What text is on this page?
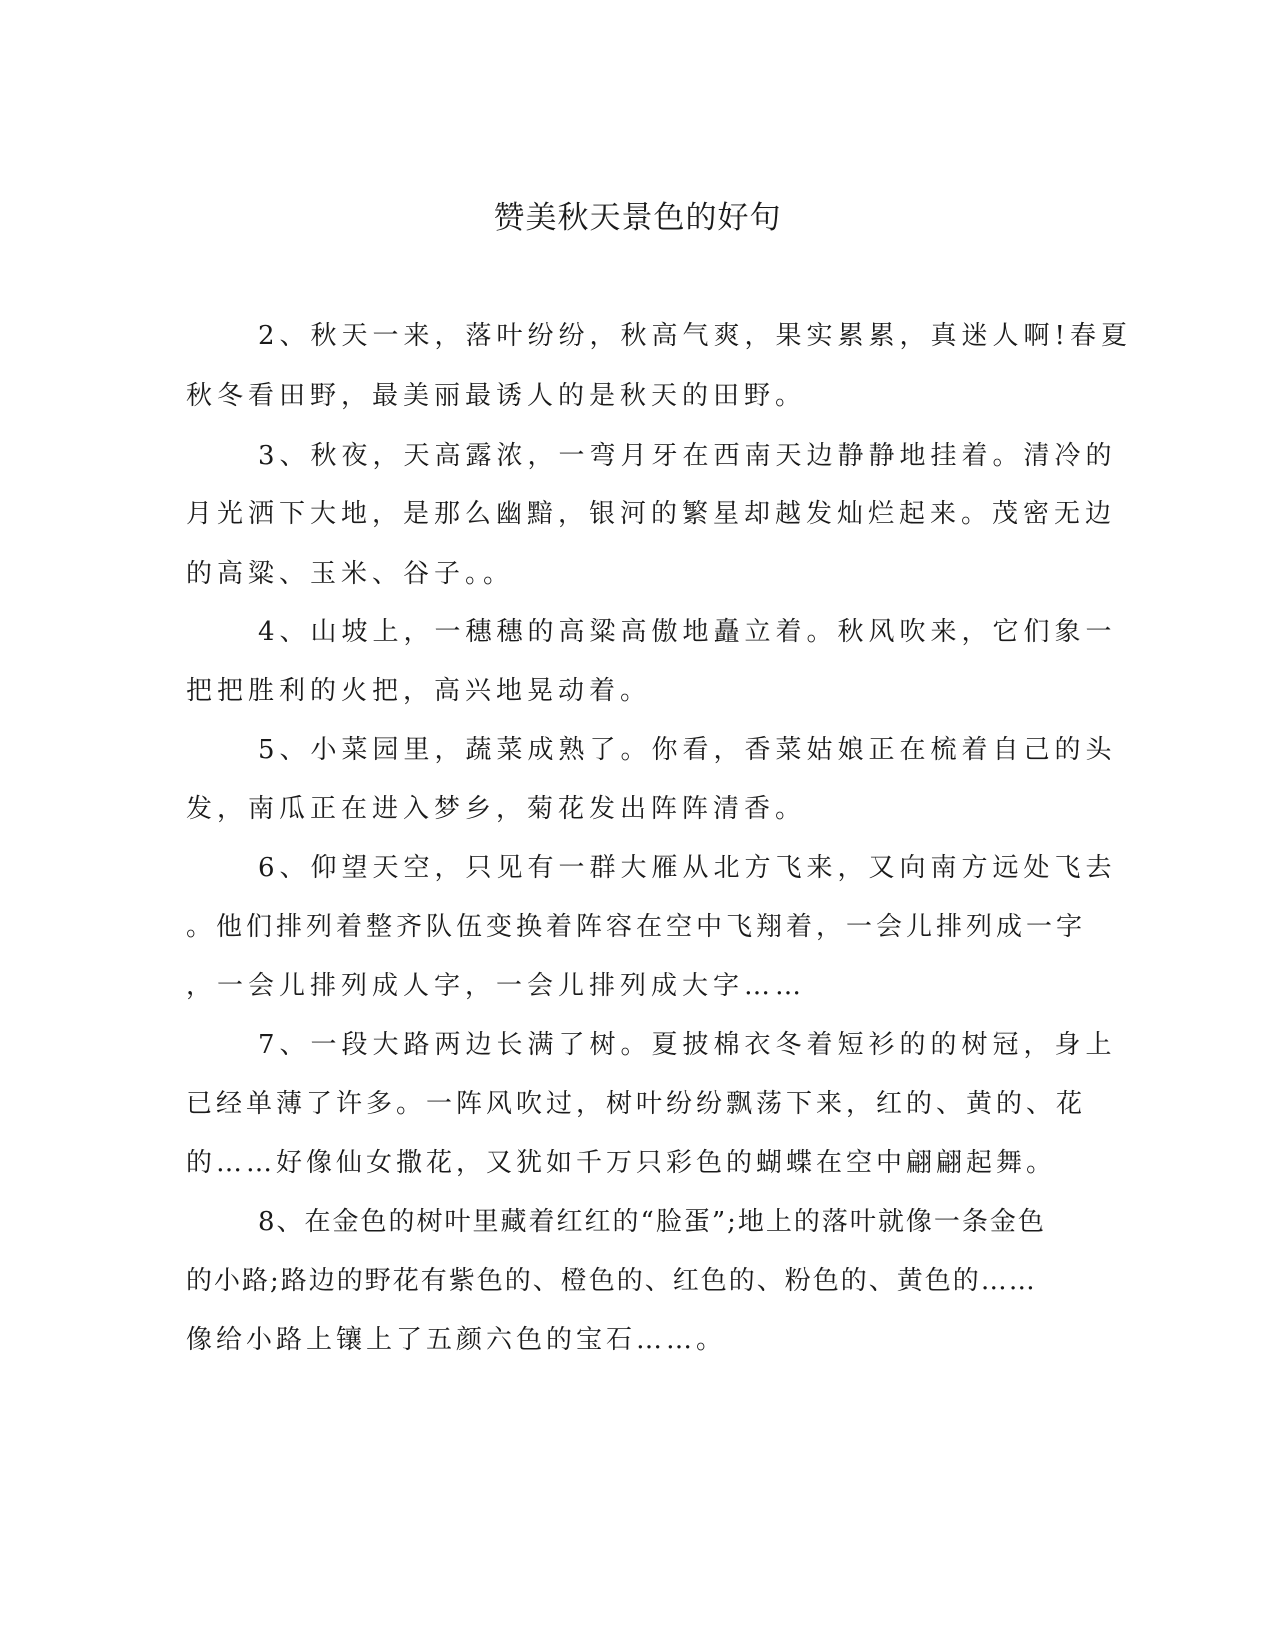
赞美秋天景色的好句

2、秋天一来，落叶纷纷，秋高气爽，果实累累，真迷人啊!春夏

秋冬看田野，最美丽最诱人的是秋天的田野。

3、秋夜，天高露浓，一弯月牙在西南天边静静地挂着。清冷的

月光洒下大地，是那么幽黯，银河的繁星却越发灿烂起来。茂密无边

的高粱、玉米、谷子。。

4、山坡上，一穗穗的高粱高傲地矗立着。秋风吹来，它们象一

把把胜利的火把，高兴地晃动着。

5、小菜园里，蔬菜成熟了。你看，香菜姑娘正在梳着自己的头

发，南瓜正在进入梦乡，菊花发出阵阵清香。

6、仰望天空，只见有一群大雁从北方飞来，又向南方远处飞去

。他们排列着整齐队伍变换着阵容在空中飞翔着，一会儿排列成一字

，一会儿排列成人字，一会儿排列成大字……

7、一段大路两边长满了树。夏披棉衣冬着短衫的的树冠，身上

已经单薄了许多。一阵风吹过，树叶纷纷飘荡下来，红的、黄的、花

的……好像仙女撒花，又犹如千万只彩色的蝴蝶在空中翩翩起舞。

8、在金色的树叶里藏着红红的“脸蛋”;地上的落叶就像一条金色

的小路;路边的野花有紫色的、橙色的、红色的、粉色的、黄色的……

像给小路上镶上了五颜六色的宝石……。
